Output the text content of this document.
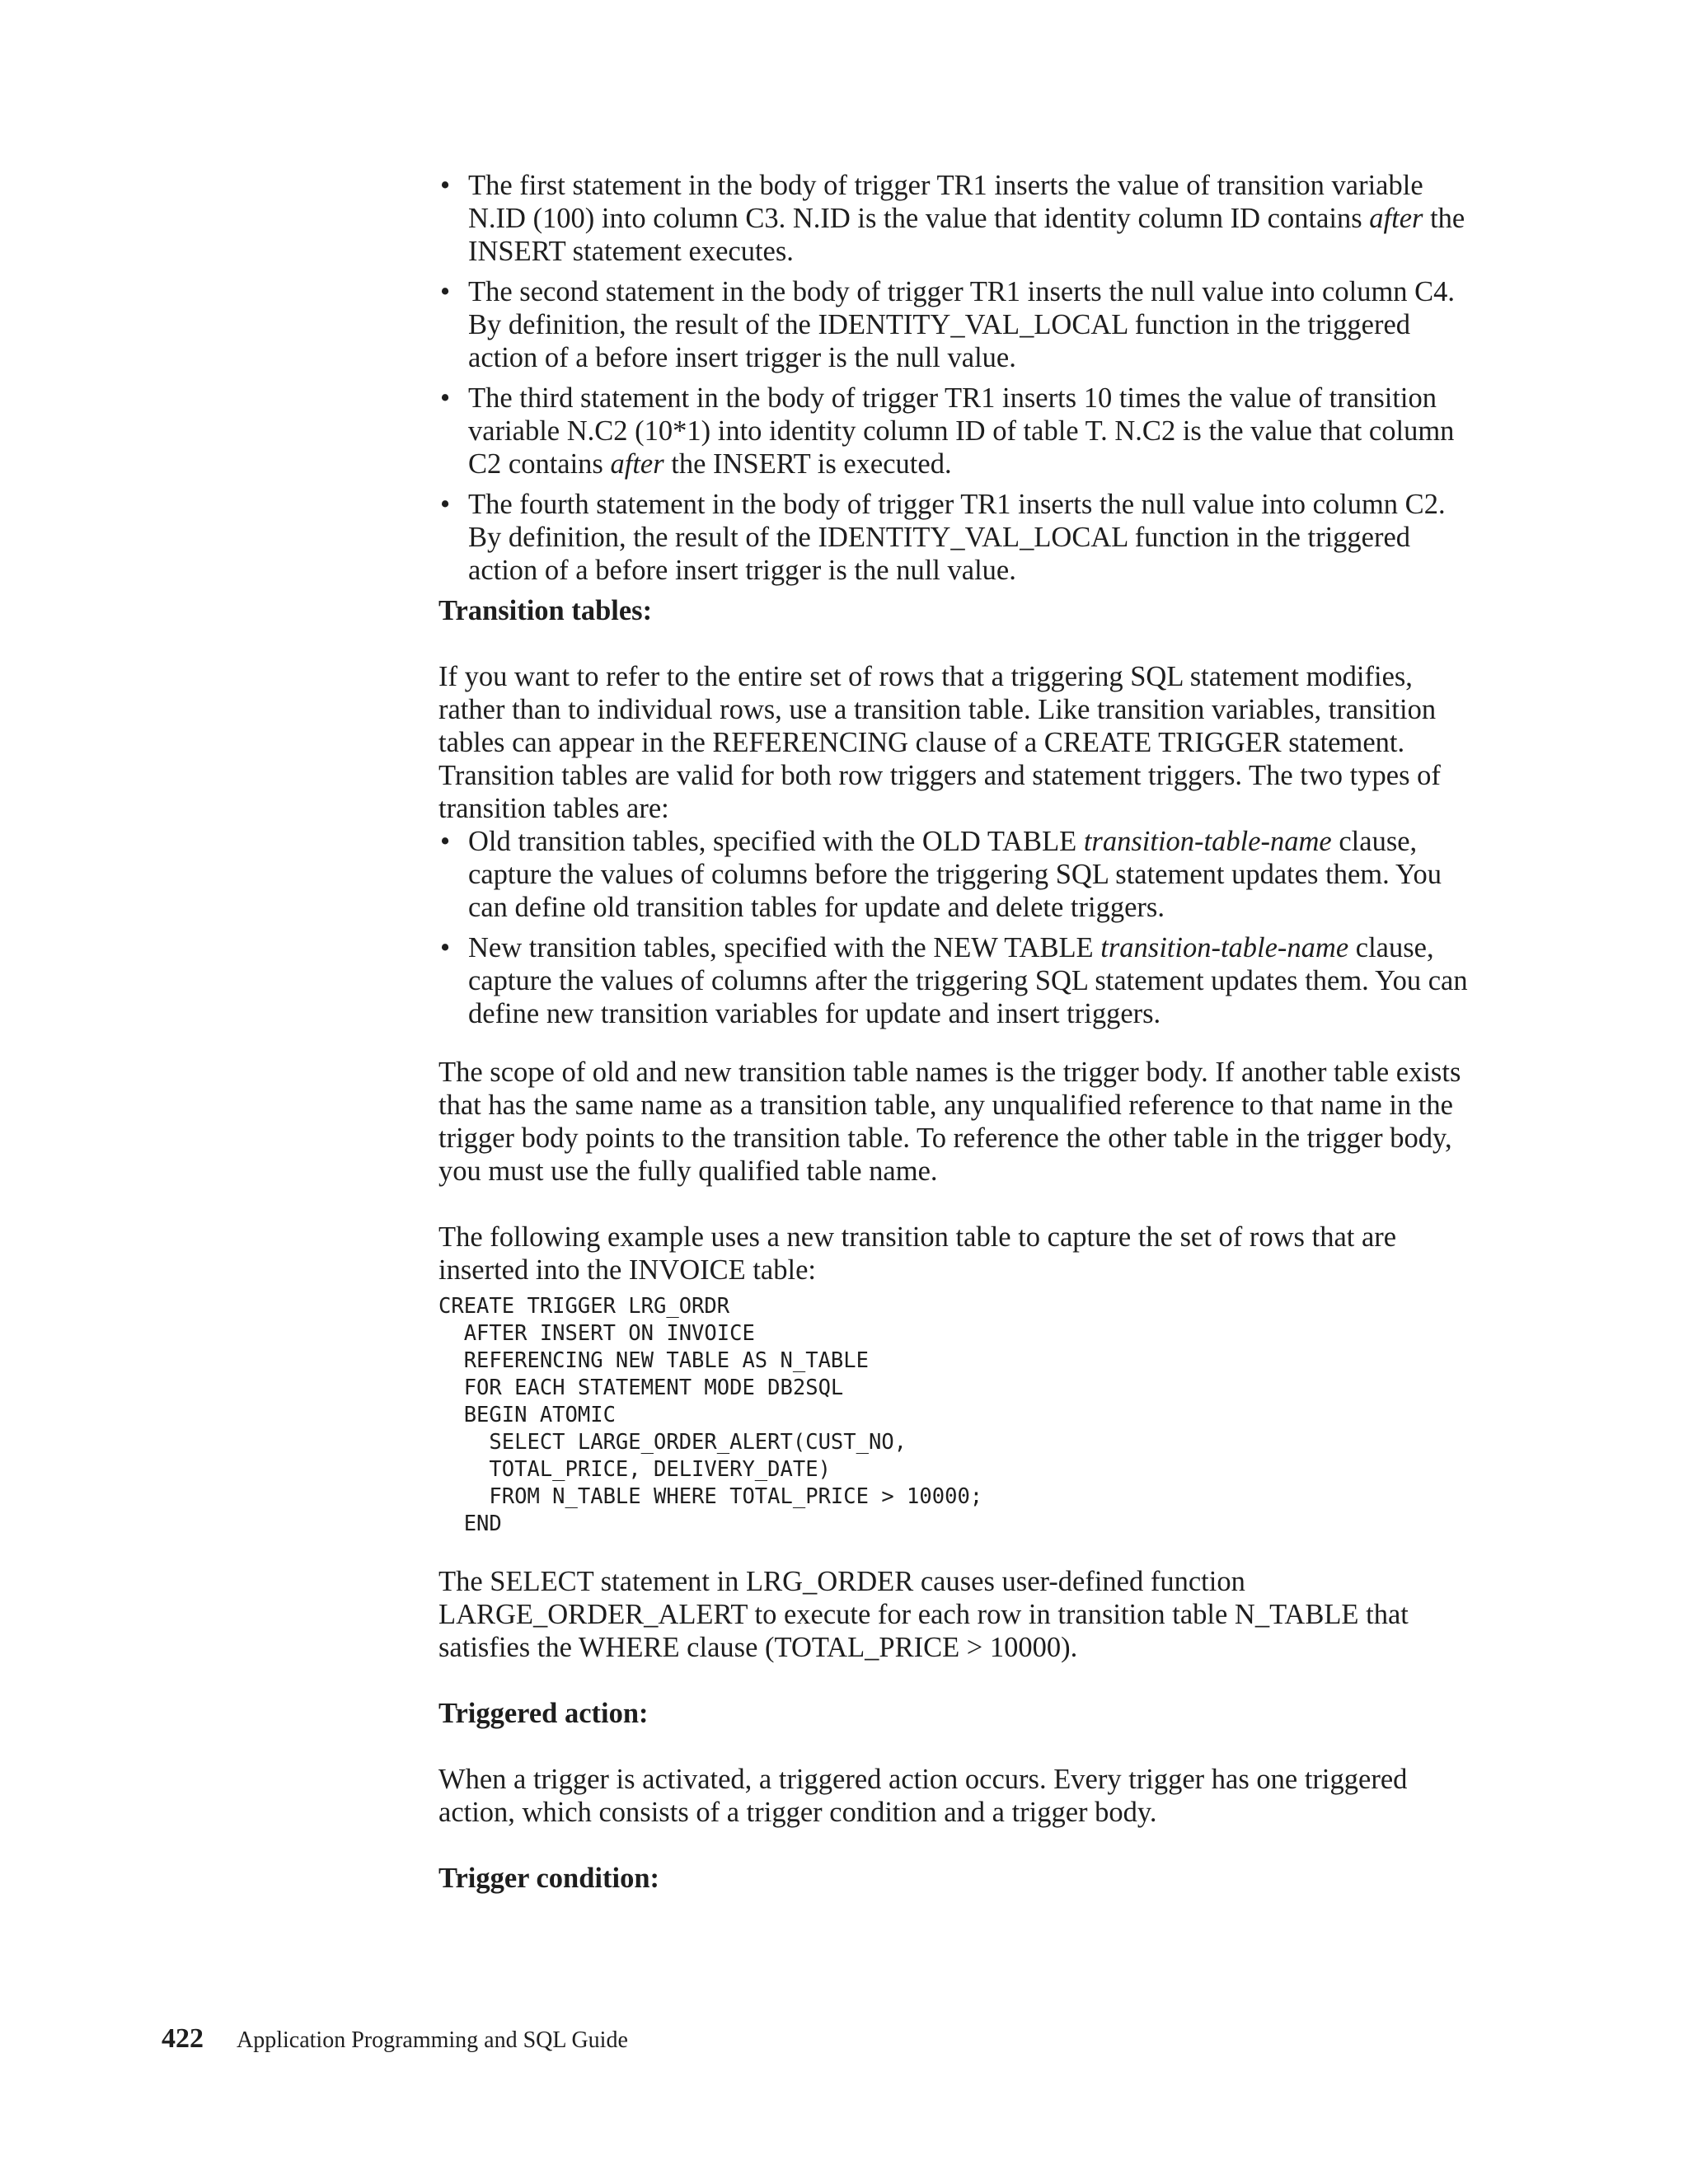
• The first statement in the body of trigger TR1 inserts the value of transition variable N.ID (100) into column C3. N.ID is the value that identity column ID contains after the INSERT statement executes.
• The second statement in the body of trigger TR1 inserts the null value into column C4. By definition, the result of the IDENTITY_VAL_LOCAL function in the triggered action of a before insert trigger is the null value.
• The third statement in the body of trigger TR1 inserts 10 times the value of transition variable N.C2 (10*1) into identity column ID of table T. N.C2 is the value that column C2 contains after the INSERT is executed.
• The fourth statement in the body of trigger TR1 inserts the null value into column C2. By definition, the result of the IDENTITY_VAL_LOCAL function in the triggered action of a before insert trigger is the null value.

Transition tables:

If you want to refer to the entire set of rows that a triggering SQL statement modifies, rather than to individual rows, use a transition table. Like transition variables, transition tables can appear in the REFERENCING clause of a CREATE TRIGGER statement. Transition tables are valid for both row triggers and statement triggers. The two types of transition tables are:

• Old transition tables, specified with the OLD TABLE transition-table-name clause, capture the values of columns before the triggering SQL statement updates them. You can define old transition tables for update and delete triggers.
• New transition tables, specified with the NEW TABLE transition-table-name clause, capture the values of columns after the triggering SQL statement updates them. You can define new transition variables for update and insert triggers.

The scope of old and new transition table names is the trigger body. If another table exists that has the same name as a transition table, any unqualified reference to that name in the trigger body points to the transition table. To reference the other table in the trigger body, you must use the fully qualified table name.

The following example uses a new transition table to capture the set of rows that are inserted into the INVOICE table:

CREATE TRIGGER LRG_ORDR
AFTER INSERT ON INVOICE
REFERENCING NEW TABLE AS N_TABLE
FOR EACH STATEMENT MODE DB2SQL
BEGIN ATOMIC
SELECT LARGE_ORDER_ALERT(CUST_NO,
TOTAL_PRICE, DELIVERY_DATE)
FROM N_TABLE WHERE TOTAL_PRICE > 10000;
END

The SELECT statement in LRG_ORDER causes user-defined function LARGE_ORDER_ALERT to execute for each row in transition table N_TABLE that satisfies the WHERE clause (TOTAL_PRICE > 10000).

Triggered action:

When a trigger is activated, a triggered action occurs. Every trigger has one triggered action, which consists of a trigger condition and a trigger body.

Trigger condition:

422 Application Programming and SQL Guide
